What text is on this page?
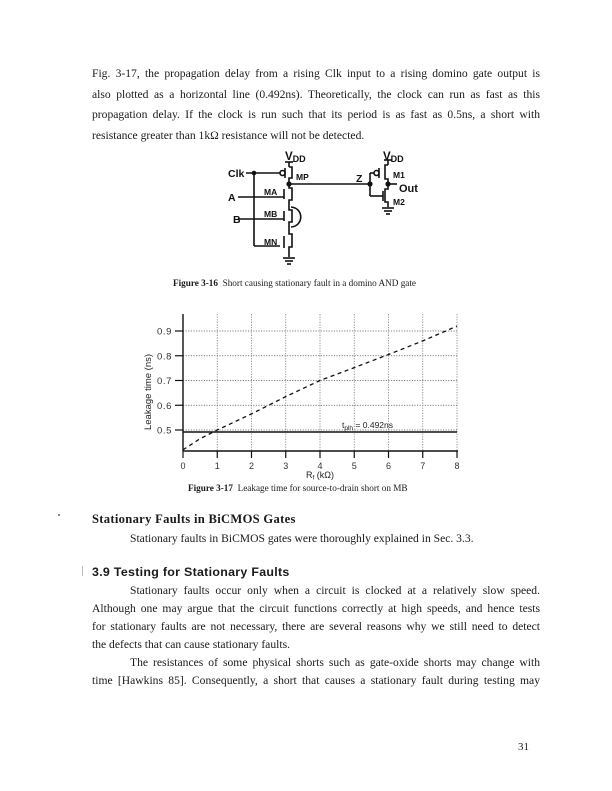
Fig. 3-17, the propagation delay from a rising Clk input to a rising domino gate output is
also plotted as a horizontal line (0.492ns). Theoretically, the clock can run as fast as this
propagation delay. If the clock is run such that its period is as fast as 0.5ns, a short with
resistance greater than 1kΩ resistance will not be detected.
VDD	VDD
Clk
A
B
MP
MA
MB
MN
Z	M1
M2
Out
Figure 3-16 Short causing stationary fault in a domino AND gate
0.5
0.6
0.7
0.8
0.9
0	1	2	3	4	5	6	7	8
Leakage time (ns)
Rf (kΩ)
$t_{plh} = 0.492ns$
Figure 3-17 Leakage time for source-to-drain short on MB
Stationary Faults in BiCMOS Gates
Stationary faults in BiCMOS gates were thoroughly explained in Sec. 3.3.
3.9 Testing for Stationary Faults
Stationary faults occur only when a circuit is clocked at a relatively slow speed.
Although one may argue that the circuit functions correctly at high speeds, and hence tests
for stationary faults are not necessary, there are several reasons why we still need to detect
the defects that can cause stationary faults.
The resistances of some physical shorts such as gate-oxide shorts may change with
time [Hawkins 85]. Consequently, a short that causes a stationary fault during testing may
31
